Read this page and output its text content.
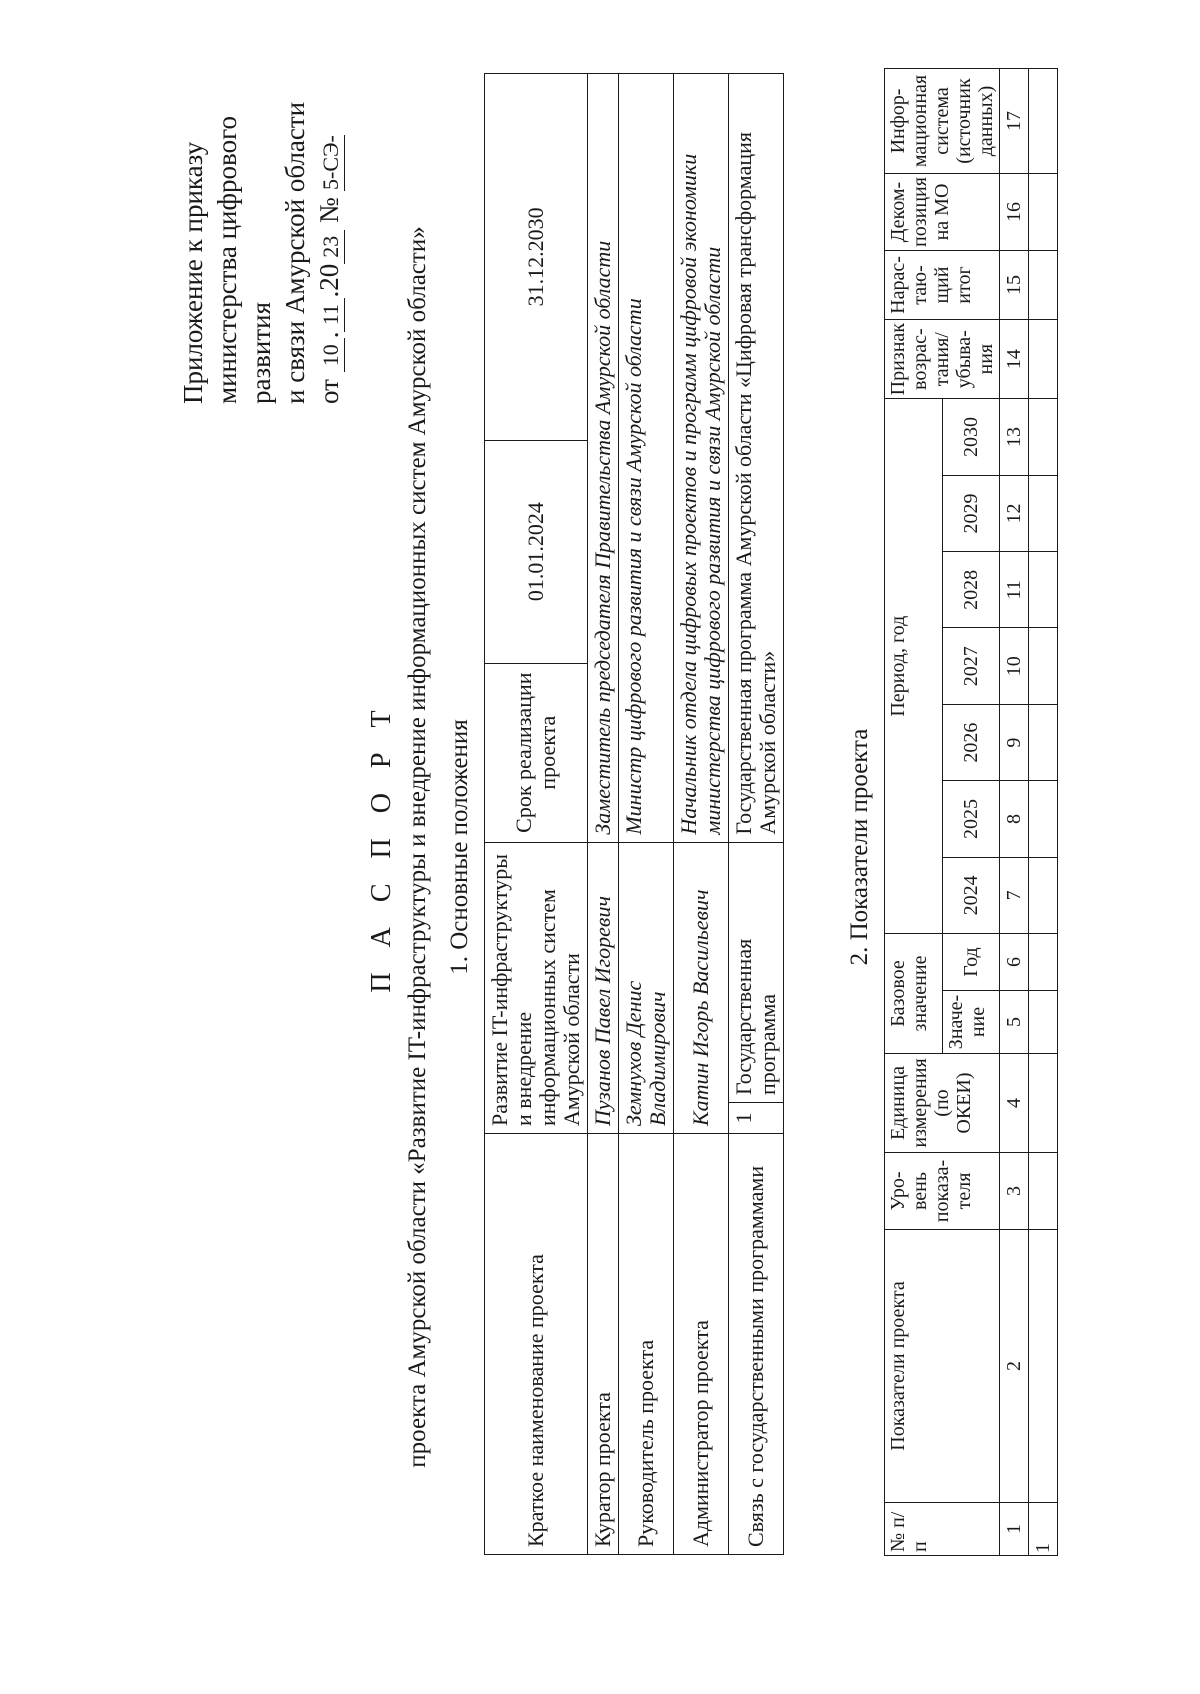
Приложение к приказу министерства цифрового развития и связи Амурской области от 10.11.2023 № 5-СЭ-
П А С П О Р Т проекта Амурской области «Развитие IT-инфраструктуры и внедрение информационных систем Амурской области» 1. Основные положения
Краткое наименование проекта	Развитие IT-инфраструктуры и внедрение информационных систем Амурской области		Срок реализации проекта	01.01.2024	31.12.2030
Куратор проекта	Пузанов Павел Игоревич		Заместитель председателя Правительства Амурской области		
Руководитель проекта	Земнухов Денис Владимирович		Министр цифрового развития и связи Амурской области		
Администратор проекта	Катин Игорь Васильевич		Начальник отдела цифровых проектов и программ цифровой экономики министерства цифрового развития и связи Амурской области		
Связь с государственными программами	1	Государственная программа	Государственная программа Амурской области «Цифровая трансформация Амурской области»			2. Показатели проекта
№ п/п	Показатели проекта	Уро- вень показа- теля	Единица измерения (по ОКЕИ)	Базовое значение		Период, год							Признак возрас- тания/ убыва- ния	Нарас- таю- щий итог	Деком- позиция на МО	Инфор- мационная система (источник данных)
				Значе- ние	Год	2024	2025	2026	2027	2028	2029	2030				
1	2	3	4	5	6	7	8	9	10	11	12	13	14	15	16	17
1																
